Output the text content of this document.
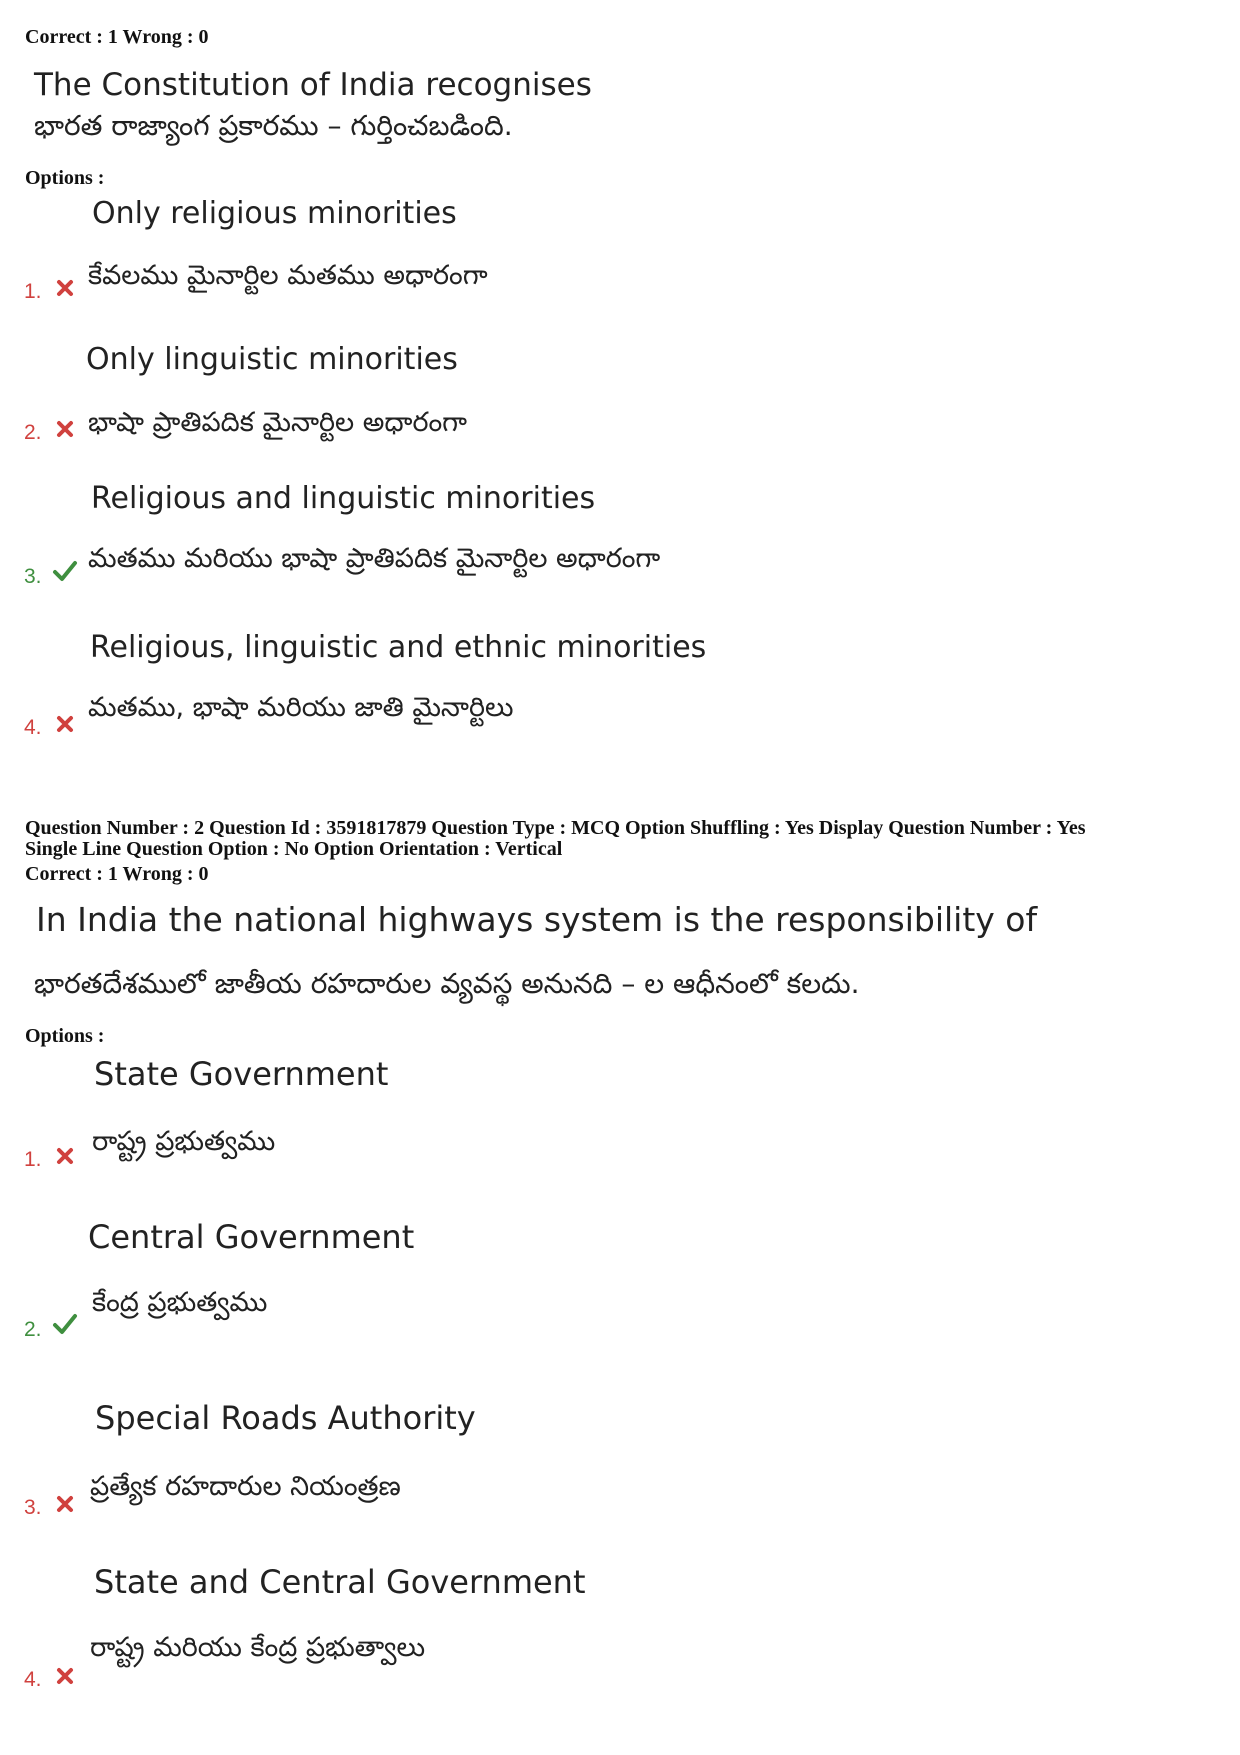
Correct : 1 Wrong : 0
The Constitution of India recognises
భారత రాజ్యాంగ ప్రకారము – గుర్తించబడింది.
Options :
Only religious minorities
కేవలము మైనార్టిల మతము అధారంగా
1.
Only linguistic minorities
భాషా ప్రాతిపదిక మైనార్టిల అధారంగా
2.
Religious and linguistic minorities
మతము మరియు భాషా ప్రాతిపదిక మైనార్టిల అధారంగా
3.
Religious, linguistic and ethnic minorities
మతము, భాషా మరియు జాతి మైనార్టిలు
4.
Question Number : 2 Question Id : 3591817879 Question Type : MCQ Option Shuffling : Yes Display Question Number : Yes
Single Line Question Option : No Option Orientation : Vertical
Correct : 1 Wrong : 0
In India the national highways system is the responsibility of
భారతదేశములో జాతీయ రహదారుల వ్యవస్థ అనునది – ల ఆధీనంలో కలదు.
Options :
State Government
రాష్ట్ర ప్రభుత్వము
1.
Central Government
కేంద్ర ప్రభుత్వము
2.
Special Roads Authority
ప్రత్యేక రహదారుల నియంత్రణ
3.
State and Central Government
రాష్ట్ర మరియు కేంద్ర ప్రభుత్వాలు
4.
